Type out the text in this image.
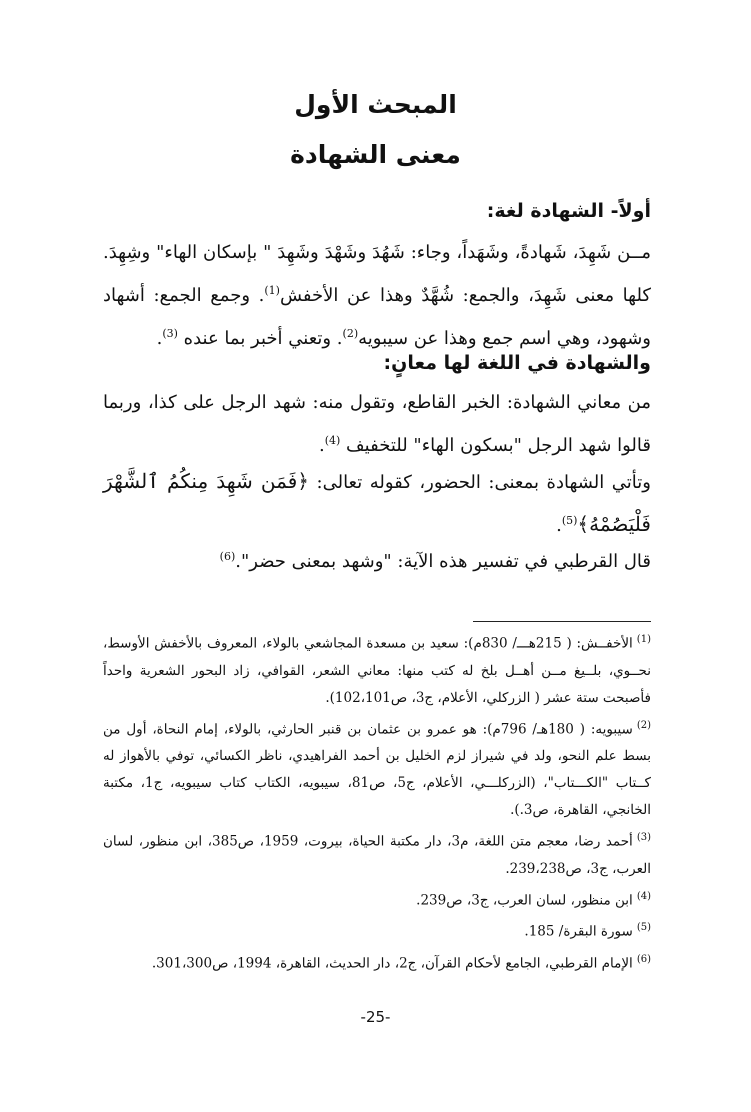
المبحث الأول
معنى الشهادة
أولاً- الشهادة لغة:
مــن شَهِدَ، شَهادةً، وشَهَداً، وجاء: شَهُدَ وشَهْدَ وشَهِدَ " بإسكان الهاء" وشِهِدَ. كلها معنى شَهِدَ، والجمع: شُهَّدٌ وهذا عن الأخفش$^{(1)}$. وجمع الجمع: أشهاد وشهود، وهي اسم جمع وهذا عن سيبويه$^{(2)}$. وتعني أخبر بما عنده $^{(3)}$.
والشهادة في اللغة لها معانٍ:
من معاني الشهادة: الخبر القاطع، وتقول منه: شهد الرجل على كذا، وربما قالوا شهد الرجل "بسكون الهاء" للتخفيف $^{(4)}$.
وتأتي الشهادة بمعنى: الحضور، كقوله تعالى: ﴿فَمَن شَهِدَ مِنكُمُ ٱلشَّهْرَ فَلْيَصُمْهُ﴾$^{(5)}$.
قال القرطبي في تفسير هذه الآية: "وشهد بمعنى حضر".$^{(6)}$

$^{(1)}$الأخفــش: ( 215هـــ/ 830م): سعيد بن مسعدة المجاشعي بالولاء، المعروف بالأخفش الأوسط، نحــوي، بلــيغ مــن أهــل بلخ له كتب منها: معاني الشعر، القوافي، زاد البحور الشعرية واحداً فأصبحت ستة عشر ( الزركلي، الأعلام، ج3، ص102،101).

$^{(2)}$سيبويه: ( 180هـ/ 796م): هو عمرو بن عثمان بن قنبر الحارثي، بالولاء، إمام النحاة، أول من بسط علم النحو، ولد في شيراز لزم الخليل بن أحمد الفراهيدي، ناظر الكسائي، توفي بالأهواز له كــتاب "الكـــتاب"، (الزركلـــي، الأعلام، ج5، ص81، سيبويه، الكتاب كتاب سيبويه، ج1، مكتبة الخانجي، القاهرة، ص3.).

$^{(3)}$أحمد رضا، معجم متن اللغة، م3، دار مكتبة الحياة، بيروت، 1959، ص385، ابن منظور، لسان العرب، ج3، ص239،238.

$^{(4)}$ابن منظور، لسان العرب، ج3، ص239.

$^{(5)}$سورة البقرة/ 185.

$^{(6)}$الإمام القرطبي، الجامع لأحكام القرآن، ج2، دار الحديث، القاهرة، 1994، ص301،300.

-25-
